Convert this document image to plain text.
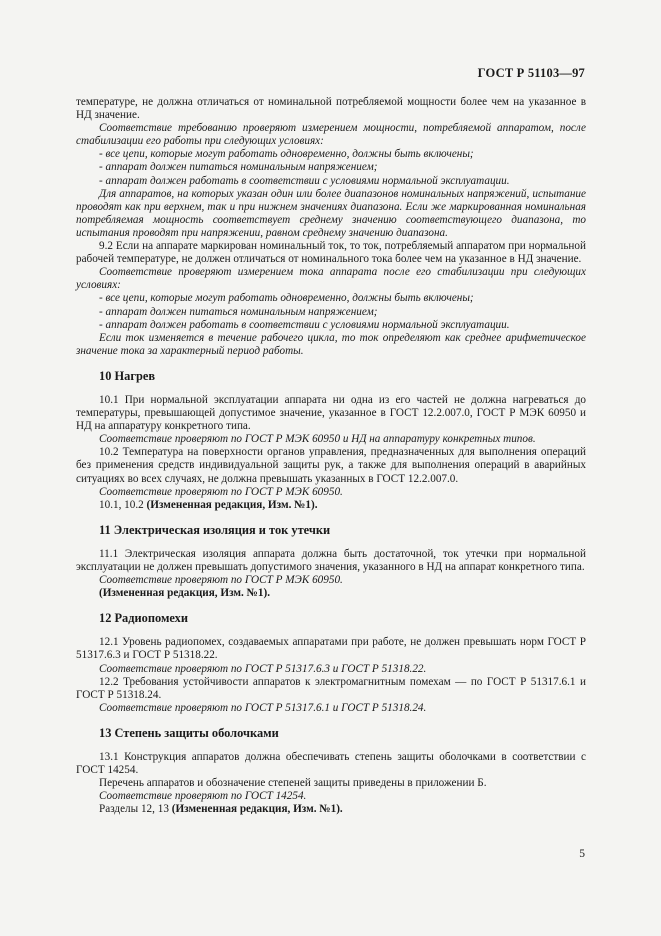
ГОСТ Р 51103—97

температуре, не должна отличаться от номинальной потребляемой мощности более чем на указанное в НД значение.

Соответствие требованию проверяют измерением мощности, потребляемой аппаратом, после стабилизации его работы при следующих условиях:

- все цепи, которые могут работать одновременно, должны быть включены;

- аппарат должен питаться номинальным напряжением;

- аппарат должен работать в соответствии с условиями нормальной эксплуатации.

Для аппаратов, на которых указан один или более диапазонов номинальных напряжений, испытание проводят как при верхнем, так и при нижнем значениях диапазона. Если же маркированная номинальная потребляемая мощность соответствует среднему значению соответствующего диапазона, то испытания проводят при напряжении, равном среднему значению диапазона.

9.2 Если на аппарате маркирован номинальный ток, то ток, потребляемый аппаратом при нормальной рабочей температуре, не должен отличаться от номинального тока более чем на указанное в НД значение.

Соответствие проверяют измерением тока аппарата после его стабилизации при следующих условиях:

- все цепи, которые могут работать одновременно, должны быть включены;

- аппарат должен питаться номинальным напряжением;

- аппарат должен работать в соответствии с условиями нормальной эксплуатации.

Если ток изменяется в течение рабочего цикла, то ток определяют как среднее арифметическое значение тока за характерный период работы.

10 Нагрев

10.1 При нормальной эксплуатации аппарата ни одна из его частей не должна нагреваться до температуры, превышающей допустимое значение, указанное в ГОСТ 12.2.007.0, ГОСТ Р МЭК 60950 и НД на аппаратуру конкретного типа.

Соответствие проверяют по ГОСТ Р МЭК 60950 и НД на аппаратуру конкретных типов.

10.2 Температура на поверхности органов управления, предназначенных для выполнения операций без применения средств индивидуальной защиты рук, а также для выполнения операций в аварийных ситуациях во всех случаях, не должна превышать указанных в ГОСТ 12.2.007.0.

Соответствие проверяют по ГОСТ Р МЭК 60950.

10.1, 10.2 (Измененная редакция, Изм. №1).

11 Электрическая изоляция и ток утечки

11.1 Электрическая изоляция аппарата должна быть достаточной, ток утечки при нормальной эксплуатации не должен превышать допустимого значения, указанного в НД на аппарат конкретного типа.

Соответствие проверяют по ГОСТ Р МЭК 60950.

(Измененная редакция, Изм. №1).

12 Радиопомехи

12.1 Уровень радиопомех, создаваемых аппаратами при работе, не должен превышать норм ГОСТ Р 51317.6.3 и ГОСТ Р 51318.22.

Соответствие проверяют по ГОСТ Р 51317.6.3 и ГОСТ Р 51318.22.

12.2 Требования устойчивости аппаратов к электромагнитным помехам — по ГОСТ Р 51317.6.1 и ГОСТ Р 51318.24.

Соответствие проверяют по ГОСТ Р 51317.6.1 и ГОСТ Р 51318.24.

13 Степень защиты оболочками

13.1 Конструкция аппаратов должна обеспечивать степень защиты оболочками в соответствии с ГОСТ 14254.

Перечень аппаратов и обозначение степеней защиты приведены в приложении Б.

Соответствие проверяют по ГОСТ 14254.

Разделы 12, 13 (Измененная редакция, Изм. №1).

5
